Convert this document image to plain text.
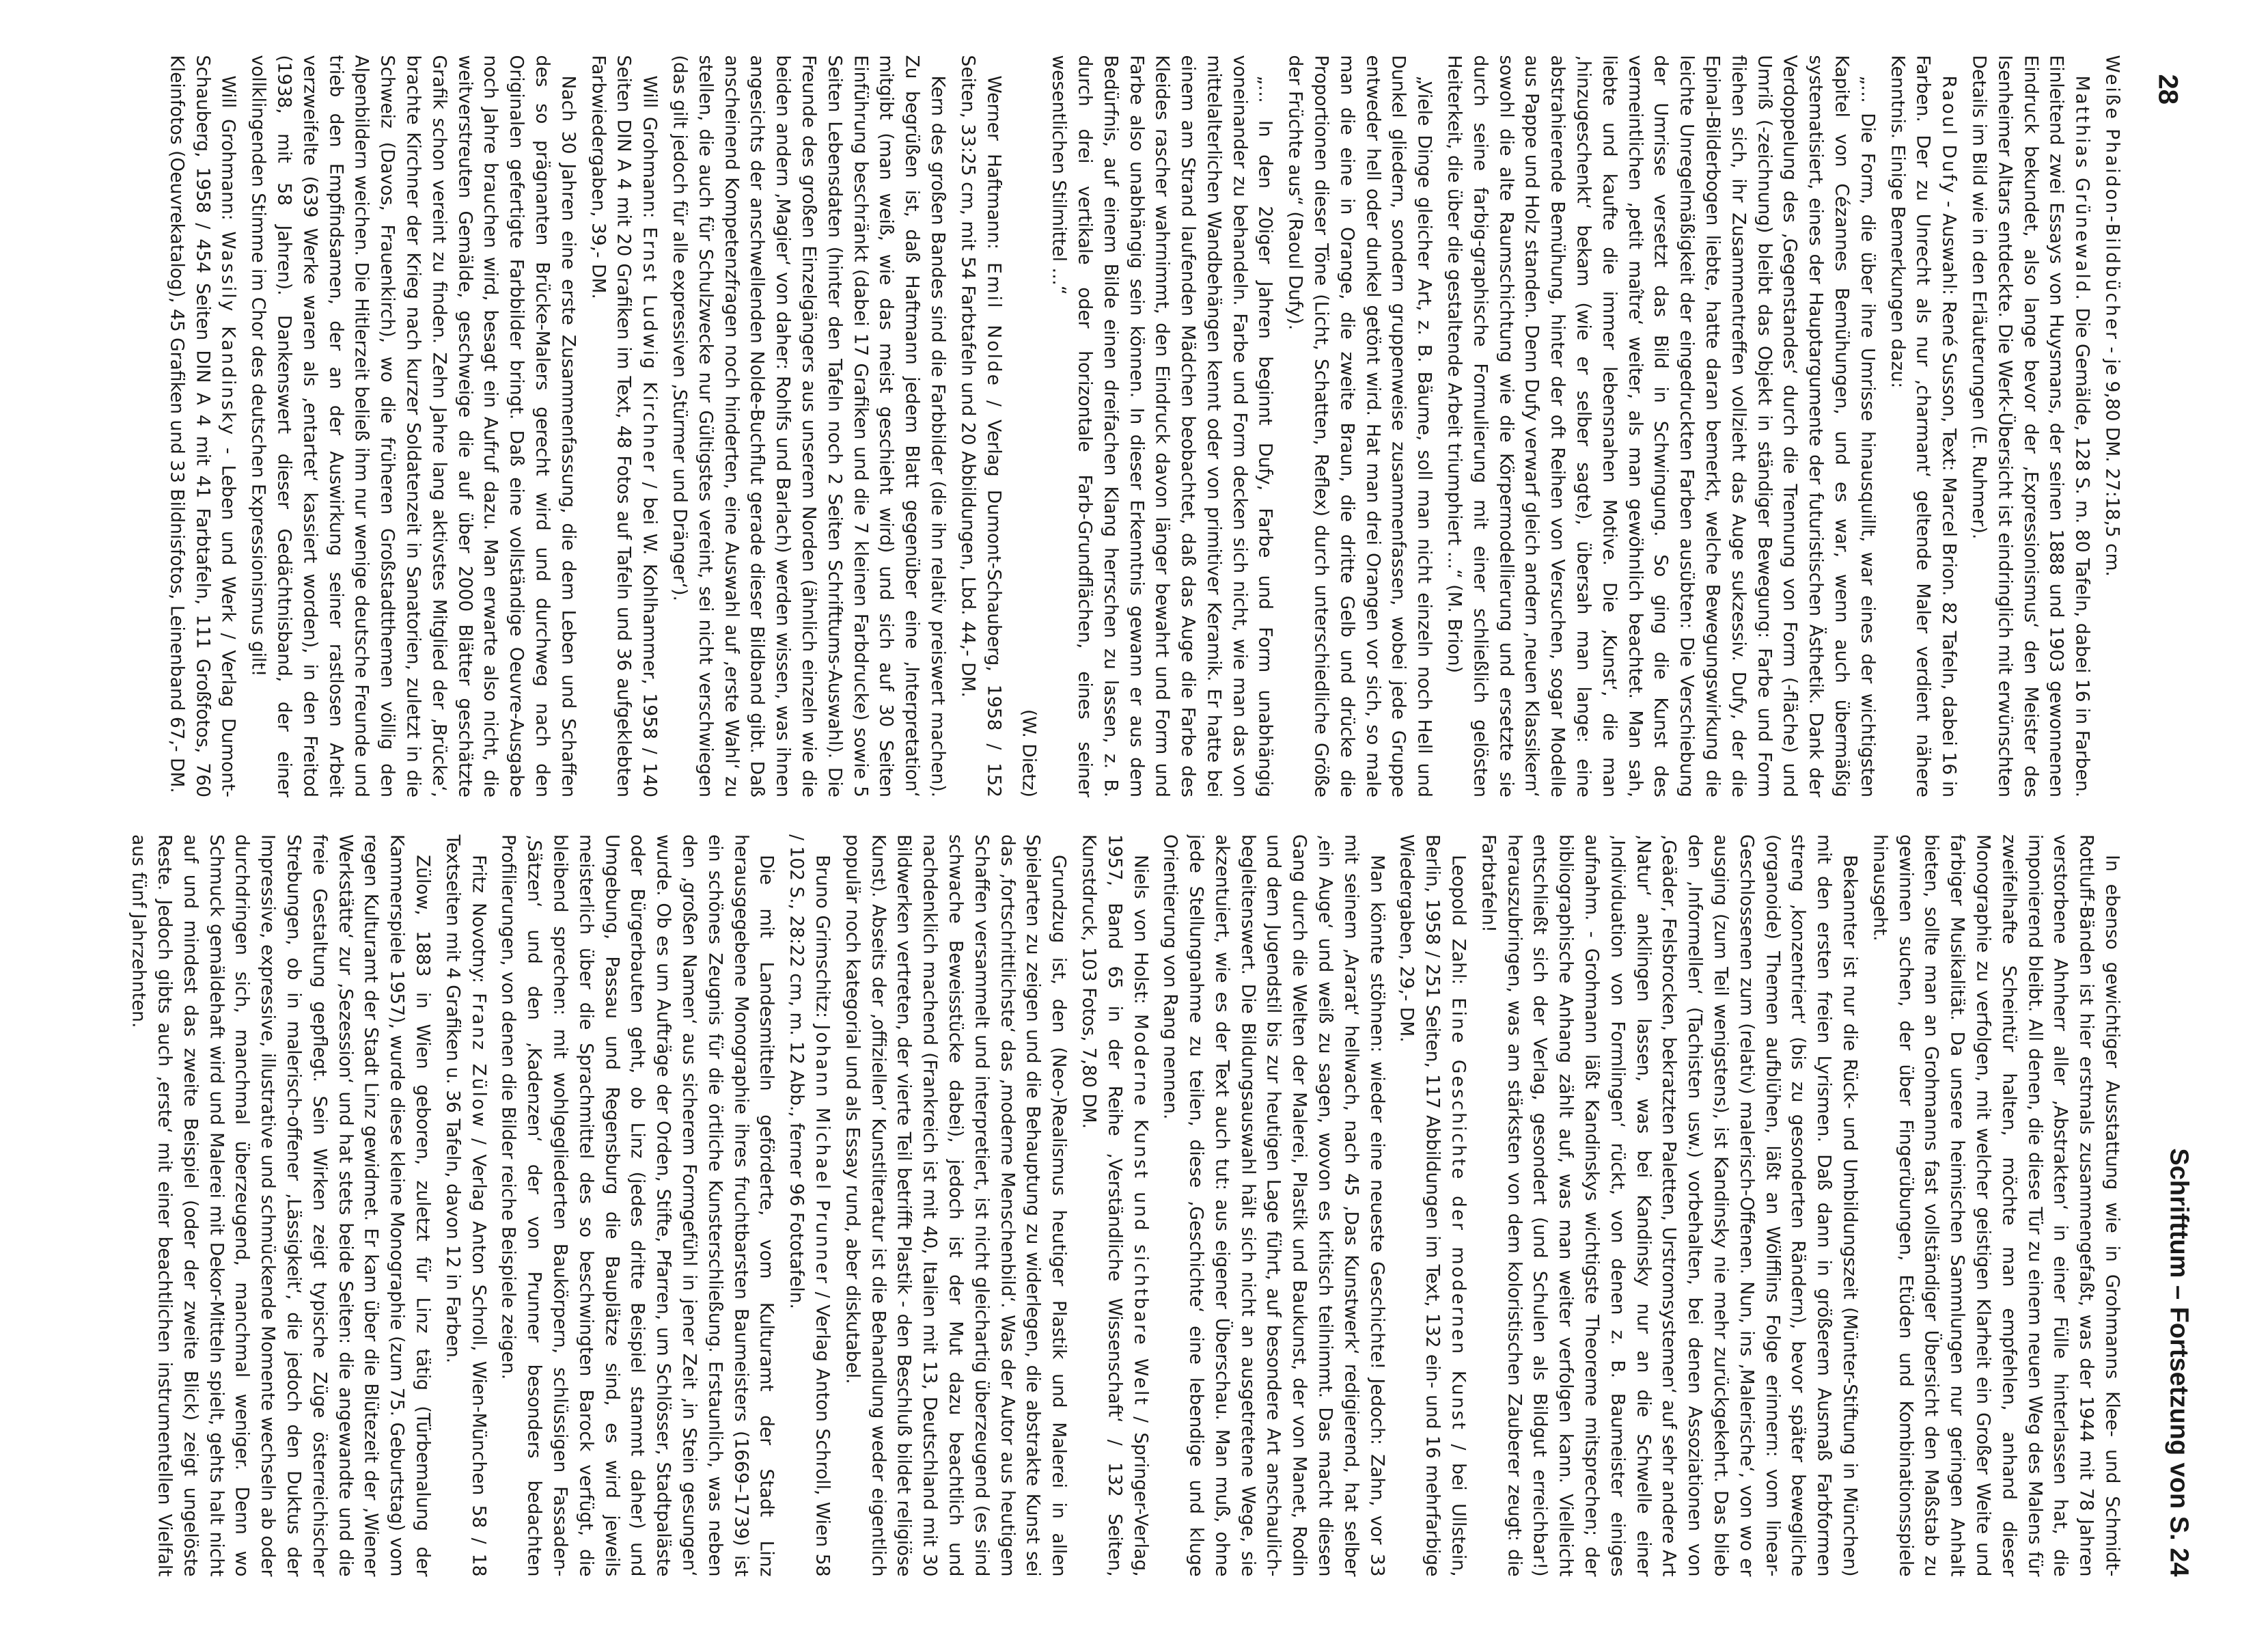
28
Schrifttum – Fortsetzung von S. 24

Weiße Phaidon-Bildbücher - je 9,80 DM. 27:18,5 cm.

Matthias Grünewald. Die Gemälde, 128 S. m. 80 Tafeln, dabei 16 in Farben. Einleitend zwei Essays von Huysmans, der seinen 1888 und 1903 gewonnenen Eindruck bekundet, also lange bevor der ‚Expressionismus‘ den Meister des Isenheimer Altars entdeckte. Die Werk-Übersicht ist eindringlich mit erwünschten Details im Bild wie in den Erläuterungen (E. Ruhmer).

Raoul Dufy - Auswahl: René Susson, Text: Marcel Brion. 82 Tafeln, dabei 16 in Farben. Der zu Unrecht als nur ‚charmant‘ geltende Maler verdient nähere Kenntnis. Einige Bemerkungen dazu:

„… Die Form, die über ihre Umrisse hinausquillt, war eines der wichtigsten Kapitel von Cézannes Bemühungen, und es war, wenn auch übermäßig systematisiert, eines der Hauptargumente der futuristischen Ästhetik. Dank der Verdoppelung des ‚Gegenstandes‘ durch die Trennung von Form (-fläche) und Umriß (-zeichnung) bleibt das Objekt in ständiger Bewegung: Farbe und Form fliehen sich, ihr Zusammentreffen vollzieht das Auge sukzessiv. Dufy, der die Epinal-Bilderbogen liebte, hatte daran bemerkt, welche Bewegungswirkung die leichte Unregelmäßigkeit der eingedruckten Farben ausübten: Die Verschiebung der Umrisse versetzt das Bild in Schwingung. So ging die Kunst des vermeintlichen ‚petit maître‘ weiter, als man gewöhnlich beachtet. Man sah, liebte und kaufte die immer lebensnahen Motive. Die ‚Kunst‘, die man ‚hinzugeschenkt‘ bekam (wie er selber sagte), übersah man lange: eine abstrahierende Bemühung, hinter der oft Reihen von Versuchen, sogar Modelle aus Pappe und Holz standen. Denn Dufy verwarf gleich andern ‚neuen Klassikern‘ sowohl die alte Raumschichtung wie die Körpermodellierung und ersetzte sie durch seine farbig-graphische Formulierung mit einer schließlich gelösten Heiterkeit, die über die gestaltende Arbeit triumphiert …“ (M. Brion)

„Viele Dinge gleicher Art, z. B. Bäume, soll man nicht einzeln noch Hell und Dunkel gliedern, sondern gruppenweise zusammenfassen, wobei jede Gruppe entweder hell oder dunkel getönt wird. Hat man drei Orangen vor sich, so male man die eine in Orange, die zweite Braun, die dritte Gelb und drücke die Proportionen dieser Töne (Licht, Schatten, Reflex) durch unterschiedliche Größe der Früchte aus“ (Raoul Dufy).

„… In den 20iger Jahren beginnt Dufy, Farbe und Form unabhängig voneinander zu behandeln. Farbe und Form decken sich nicht, wie man das von mittelalterlichen Wandbehängen kennt oder von primitiver Keramik. Er hatte bei einem am Strand laufenden Mädchen beobachtet, daß das Auge die Farbe des Kleides rascher wahrnimmt, den Eindruck davon länger bewahrt und Form und Farbe also unabhängig sein können. In dieser Erkenntnis gewann er aus dem Bedürfnis, auf einem Bilde einen dreifachen Klang herrschen zu lassen, z. B. durch drei vertikale oder horizontale Farb-Grundflächen, eines seiner wesentlichen Stilmittel …“

(W. Dietz)

Werner Haftmann: Emil Nolde / Verlag Dumont-Schauberg, 1958 / 152 Seiten, 33:25 cm, mit 54 Farbtafeln und 20 Abbildungen, Lbd. 44,- DM.

Kern des großen Bandes sind die Farbbilder (die ihn relativ preiswert machen). Zu begrüßen ist, daß Haftmann jedem Blatt gegenüber eine ‚Interpretation‘ mitgibt (man weiß, wie das meist geschieht wird) und sich auf 30 Seiten Einführung beschränkt (dabei 17 Grafiken und die 7 kleinen Farbdrucke) sowie 5 Seiten Lebensdaten (hinter den Tafeln noch 2 Seiten Schrifttums-Auswahl). Die Freunde des großen Einzelgängers aus unserem Norden (ähnlich einzeln wie die beiden andern ‚Magier‘ von daher: Rohlfs und Barlach) werden wissen, was ihnen angesichts der anschwellenden Nolde-Buchflut gerade dieser Bildband gibt. Daß anscheinend Kompetenzfragen noch hinderten, eine Auswahl auf ‚erste Wahl‘ zu stellen, die auch für Schulzwecke nur Gültigstes vereint, sei nicht verschwiegen (das gilt jedoch für alle expressiven ‚Stürmer und Dränger‘).

Will Grohmann: Ernst Ludwig Kirchner / bei W. Kohlhammer, 1958 / 140 Seiten DIN A 4 mit 20 Grafiken im Text, 48 Fotos auf Tafeln und 36 aufgeklebten Farbwiedergaben, 39,- DM.

Nach 30 Jahren eine erste Zusammenfassung, die dem Leben und Schaffen des so prägnanten Brücke-Malers gerecht wird und durchweg nach den Originalen gefertigte Farbbilder bringt. Daß eine vollständige Oeuvre-Ausgabe noch Jahre brauchen wird, besagt ein Aufruf dazu. Man erwarte also nicht, die weitverstreuten Gemälde, geschweige die auf über 2000 Blätter geschätzte Grafik schon vereint zu finden. Zehn Jahre lang aktivstes Mitglied der ‚Brücke‘, brachte Kirchner der Krieg nach kurzer Soldatenzeit in Sanatorien, zuletzt in die Schweiz (Davos, Frauenkirch), wo die früheren Großstadtthemen völlig den Alpenbildern weichen. Die Hitlerzeit beließ ihm nur wenige deutsche Freunde und trieb den Empfindsamen, der an der Auswirkung seiner rastlosen Arbeit verzweifelte (639 Werke waren als ‚entartet‘ kassiert worden), in den Freitod (1938, mit 58 Jahren). Dankenswert dieser Gedächtnisband, der einer vollklingenden Stimme im Chor des deutschen Expressionismus gilt!

Will Grohmann: Wassily Kandinsky - Leben und Werk / Verlag Dumont-Schauberg, 1958 / 454 Seiten DIN A 4 mit 41 Farbtafeln, 111 Großfotos, 760 Kleinfotos (Oeuvrekatalog), 45 Grafiken und 33 Bildnisfotos, Leinenband 67,- DM.

In ebenso gewichtiger Ausstattung wie in Grohmanns Klee- und Schmidt-Rottluff-Bänden ist hier erstmals zusammengefaßt, was der 1944 mit 78 Jahren verstorbene Ahnherr aller ‚Abstrakten‘ in einer Fülle hinterlassen hat, die imponierend bleibt. All denen, die diese Tür zu einem neuen Weg des Malens für zweifelhafte Scheintür halten, möchte man empfehlen, anhand dieser Monographie zu verfolgen, mit welcher geistigen Klarheit ein Großer Weite und farbiger Musikalität. Da unsere heimischen Sammlungen nur geringen Anhalt bieten, sollte man an Grohmanns fast vollständiger Übersicht den Maßstab zu gewinnen suchen, der über Fingerübungen, Etüden und Kombinationsspiele hinausgeht.

Bekannter ist nur die Rück- und Umbildungszeit (Münter-Stiftung in München) mit den ersten freien Lyrismen. Daß dann in größerem Ausmaß Farbformen streng ‚konzentriert‘ (bis zu gesonderten Rändern), bevor später bewegliche (organoide) Themen aufblühen, läßt an Wölfflins Folge erinnern: vom linear-Geschlossenen zum (relativ) malerisch-Offenen. Nun, ins ‚Malerische‘, von wo er ausging (zum Teil wenigstens), ist Kandinsky nie mehr zurückgekehrt. Das blieb den ‚Informellen‘ (Tachisten usw.) vorbehalten, bei denen Assoziationen von ‚Geäder, Felsbrocken, bekratzten Paletten, Urstromsystemen‘ auf sehr andere Art ‚Natur‘ anklingen lassen, was bei Kandinsky nur an die Schwelle einer ‚Individuation von Formlingen‘ rückt, von denen z. B. Baumeister einiges aufnahm. - Grohmann läßt Kandinskys wichtigste Theoreme mitsprechen; der bibliographische Anhang zählt auf, was man weiter verfolgen kann. Vielleicht entschließt sich der Verlag, gesondert (und Schulen als Bildgut erreichbar!) herauszubringen, was am stärksten von dem koloristischen Zauberer zeugt: die Farbtafeln!

Leopold Zahl: Eine Geschichte der modernen Kunst / bei Ullstein, Berlin, 1958 / 251 Seiten, 117 Abbildungen im Text, 132 ein- und 16 mehrfarbige Wiedergaben, 29,- DM.

Man könnte stöhnen: wieder eine neueste Geschichte! Jedoch: Zahn, vor 33 mit seinem ‚Ararat‘ hellwach, nach 45 ‚Das Kunstwerk‘ redigierend, hat selber ‚ein Auge‘ und weiß zu sagen, wovon es kritisch teilnimmt. Das macht diesen Gang durch die Welten der Malerei, Plastik und Baukunst, der von Manet, Rodin und dem Jugendstil bis zur heutigen Lage führt, auf besondere Art anschaulich-begleitenswert. Die Bildungsauswahl hält sich nicht an ausgetretene Wege, sie akzentuiert, wie es der Text auch tut: aus eigener Überschau. Man muß, ohne jede Stellungnahme zu teilen, diese ‚Geschichte‘ eine lebendige und kluge Orientierung von Rang nennen.

Niels von Holst: Moderne Kunst und sichtbare Welt / Springer-Verlag, 1957, Band 65 in der Reihe ‚Verständliche Wissenschaft‘ / 132 Seiten, Kunstdruck, 103 Fotos, 7,80 DM.

Grundzug ist, den (Neo-)Realismus heutiger Plastik und Malerei in allen Spielarten zu zeigen und die Behauptung zu widerlegen, die abstrakte Kunst sei das ‚fortschrittlichste‘ das ‚moderne Menschenbild‘. Was der Autor aus heutigem Schaffen versammelt und interpretiert, ist nicht gleichartig überzeugend (es sind schwache Beweisstücke dabei), jedoch ist der Mut dazu beachtlich und nachdenklich machend (Frankreich ist mit 40, Italien mit 13, Deutschland mit 30 Bildwerken vertreten, der vierte Teil betrifft Plastik - den Beschluß bildet religiöse Kunst). Abseits der ‚offiziellen‘ Kunstliteratur ist die Behandlung weder eigentlich populär noch kategorial und als Essay rund, aber diskutabel.

Bruno Grimschitz: Johann Michael Prunner / Verlag Anton Schroll, Wien 58 / 102 S., 28:22 cm, m. 12 Abb., ferner 96 Fototafeln.

Die mit Landesmitteln geförderte, vom Kulturamt der Stadt Linz herausgegebene Monographie ihres fruchtbarsten Baumeisters (1669–1739) ist ein schönes Zeugnis für die örtliche Kunsterschließung. Erstaunlich, was neben den ‚großen Namen‘ aus sicherem Formgefühl in jener Zeit ‚in Stein gesungen‘ wurde. Ob es um Aufträge der Orden, Stifte, Pfarren, um Schlösser, Stadtpaläste oder Bürgerbauten geht, ob Linz (jedes dritte Beispiel stammt daher) und Umgebung, Passau und Regensburg die Bauplätze sind, es wird jeweils meisterlich über die Sprachmittel des so beschwingten Barock verfügt, die bleibend sprechen: mit wohlgegliederten Baukörpern, schlüssigen Fassaden-‚Sätzen‘ und den ‚Kadenzen‘ der von Prunner besonders bedachten Profilierungen, von denen die Bilder reiche Beispiele zeigen.

Fritz Novotny: Franz Zülow / Verlag Anton Schroll, Wien-München 58 / 18 Textseiten mit 4 Grafiken u. 36 Tafeln, davon 12 in Farben.

Zülow, 1883 in Wien geboren, zuletzt für Linz tätig (Türbemalung der Kammerspiele 1957), wurde diese kleine Monographie (zum 75. Geburtstag) vom regen Kulturamt der Stadt Linz gewidmet. Er kam über die Blütezeit der ‚Wiener Werkstätte‘ zur ‚Sezession‘ und hat stets beide Seiten: die angewandte und die freie Gestaltung gepflegt. Sein Wirken zeigt typische Züge österreichischer Strebungen, ob in malerisch-offener ‚Lässigkeit‘, die jedoch den Duktus der Impressive, expressive, illustrative und schmückende Momente wechseln ab oder durchdringen sich, manchmal überzeugend, manchmal weniger. Denn wo Schmuck gemäldehaft wird und Malerei mit Dekor-Mitteln spielt, gehts halt nicht auf und mindest das zweite Beispiel (oder der zweite Blick) zeigt ungelöste Reste. Jedoch gibts auch ‚erste‘ mit einer beachtlichen instrumentellen Vielfalt aus fünf Jahrzehnten.
